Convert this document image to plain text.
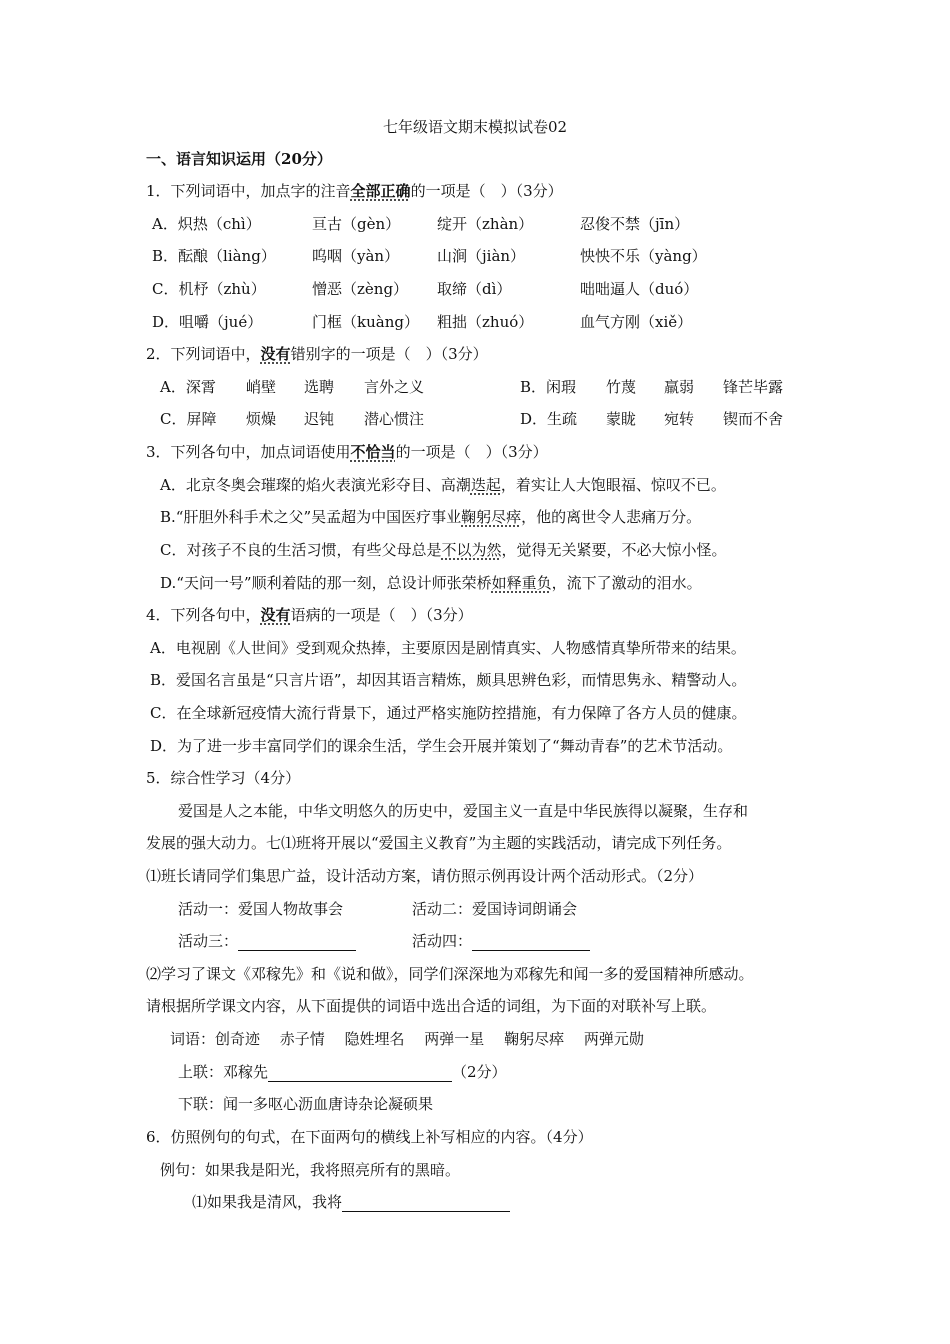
七年级语文期末模拟试卷02
一、语言知识运用（20分）
1．下列词语中，加点字的注音全部正确的一项是（　）（3分）
A．炽热（chì）	亘古（gèn） 绽开（zhàn）	忍俊不禁（jīn）
B．酝酿（liàng） 呜咽（yàn）	山涧（jiàn）	怏怏不乐（yàng）
C．机杼（zhù）	憎恶（zèng） 取缔（dì）	咄咄逼人（duó）
D．咀嚼（jué）	门框（kuàng） 粗拙（zhuó）	血气方刚（xiě）
2．下列词语中，没有错别字的一项是（　）（3分）
A．深霄 峭壁 选聘 言外之义	B．闲瑕 竹蔑 羸弱 锋芒毕露
C．屏障 烦燥 迟钝 潜心惯注	D．生疏 蒙眬 宛转 锲而不舍
3．下列各句中，加点词语使用不恰当的一项是（　）（3分）
A．北京冬奥会璀璨的焰火表演光彩夺目、高潮迭起，着实让人大饱眼福、惊叹不已。
B.“肝胆外科手术之父”吴孟超为中国医疗事业鞠躬尽瘁，他的离世令人悲痛万分。
C．对孩子不良的生活习惯，有些父母总是不以为然，觉得无关紧要，不必大惊小怪。
D.“天问一号”顺利着陆的那一刻，总设计师张荣桥如释重负，流下了激动的泪水。
4．下列各句中，没有语病的一项是（　）（3分）
A．电视剧《人世间》受到观众热捧，主要原因是剧情真实、人物感情真挚所带来的结果。
B．爱国名言虽是“只言片语”，却因其语言精炼，颇具思辨色彩，而情思隽永、精警动人。
C．在全球新冠疫情大流行背景下，通过严格实施防控措施，有力保障了各方人员的健康。
D．为了进一步丰富同学们的课余生活，学生会开展并策划了“舞动青春”的艺术节活动。
5．综合性学习（4分）
爱国是人之本能，中华文明悠久的历史中，爱国主义一直是中华民族得以凝聚，生存和
发展的强大动力。七⑴班将开展以“爱国主义教育”为主题的实践活动，请完成下列任务。
⑴班长请同学们集思广益，设计活动方案，请仿照示例再设计两个活动形式。（2分）
活动一：爱国人物故事会	活动二：爱国诗词朗诵会
活动三：	活动四：
⑵学习了课文《邓稼先》和《说和做》，同学们深深地为邓稼先和闻一多的爱国精神所感动。
请根据所学课文内容，从下面提供的词语中选出合适的词组，为下面的对联补写上联。
词语：创奇迹　 赤子情　 隐姓埋名　 两弹一星　 鞠躬尽瘁　 两弹元勋
上联：邓稼先	（2分）
下联：闻一多呕心沥血唐诗杂论凝硕果
6．仿照例句的句式，在下面两句的横线上补写相应的内容。（4分）
例句：如果我是阳光，我将照亮所有的黑暗。
⑴如果我是清风，我将
